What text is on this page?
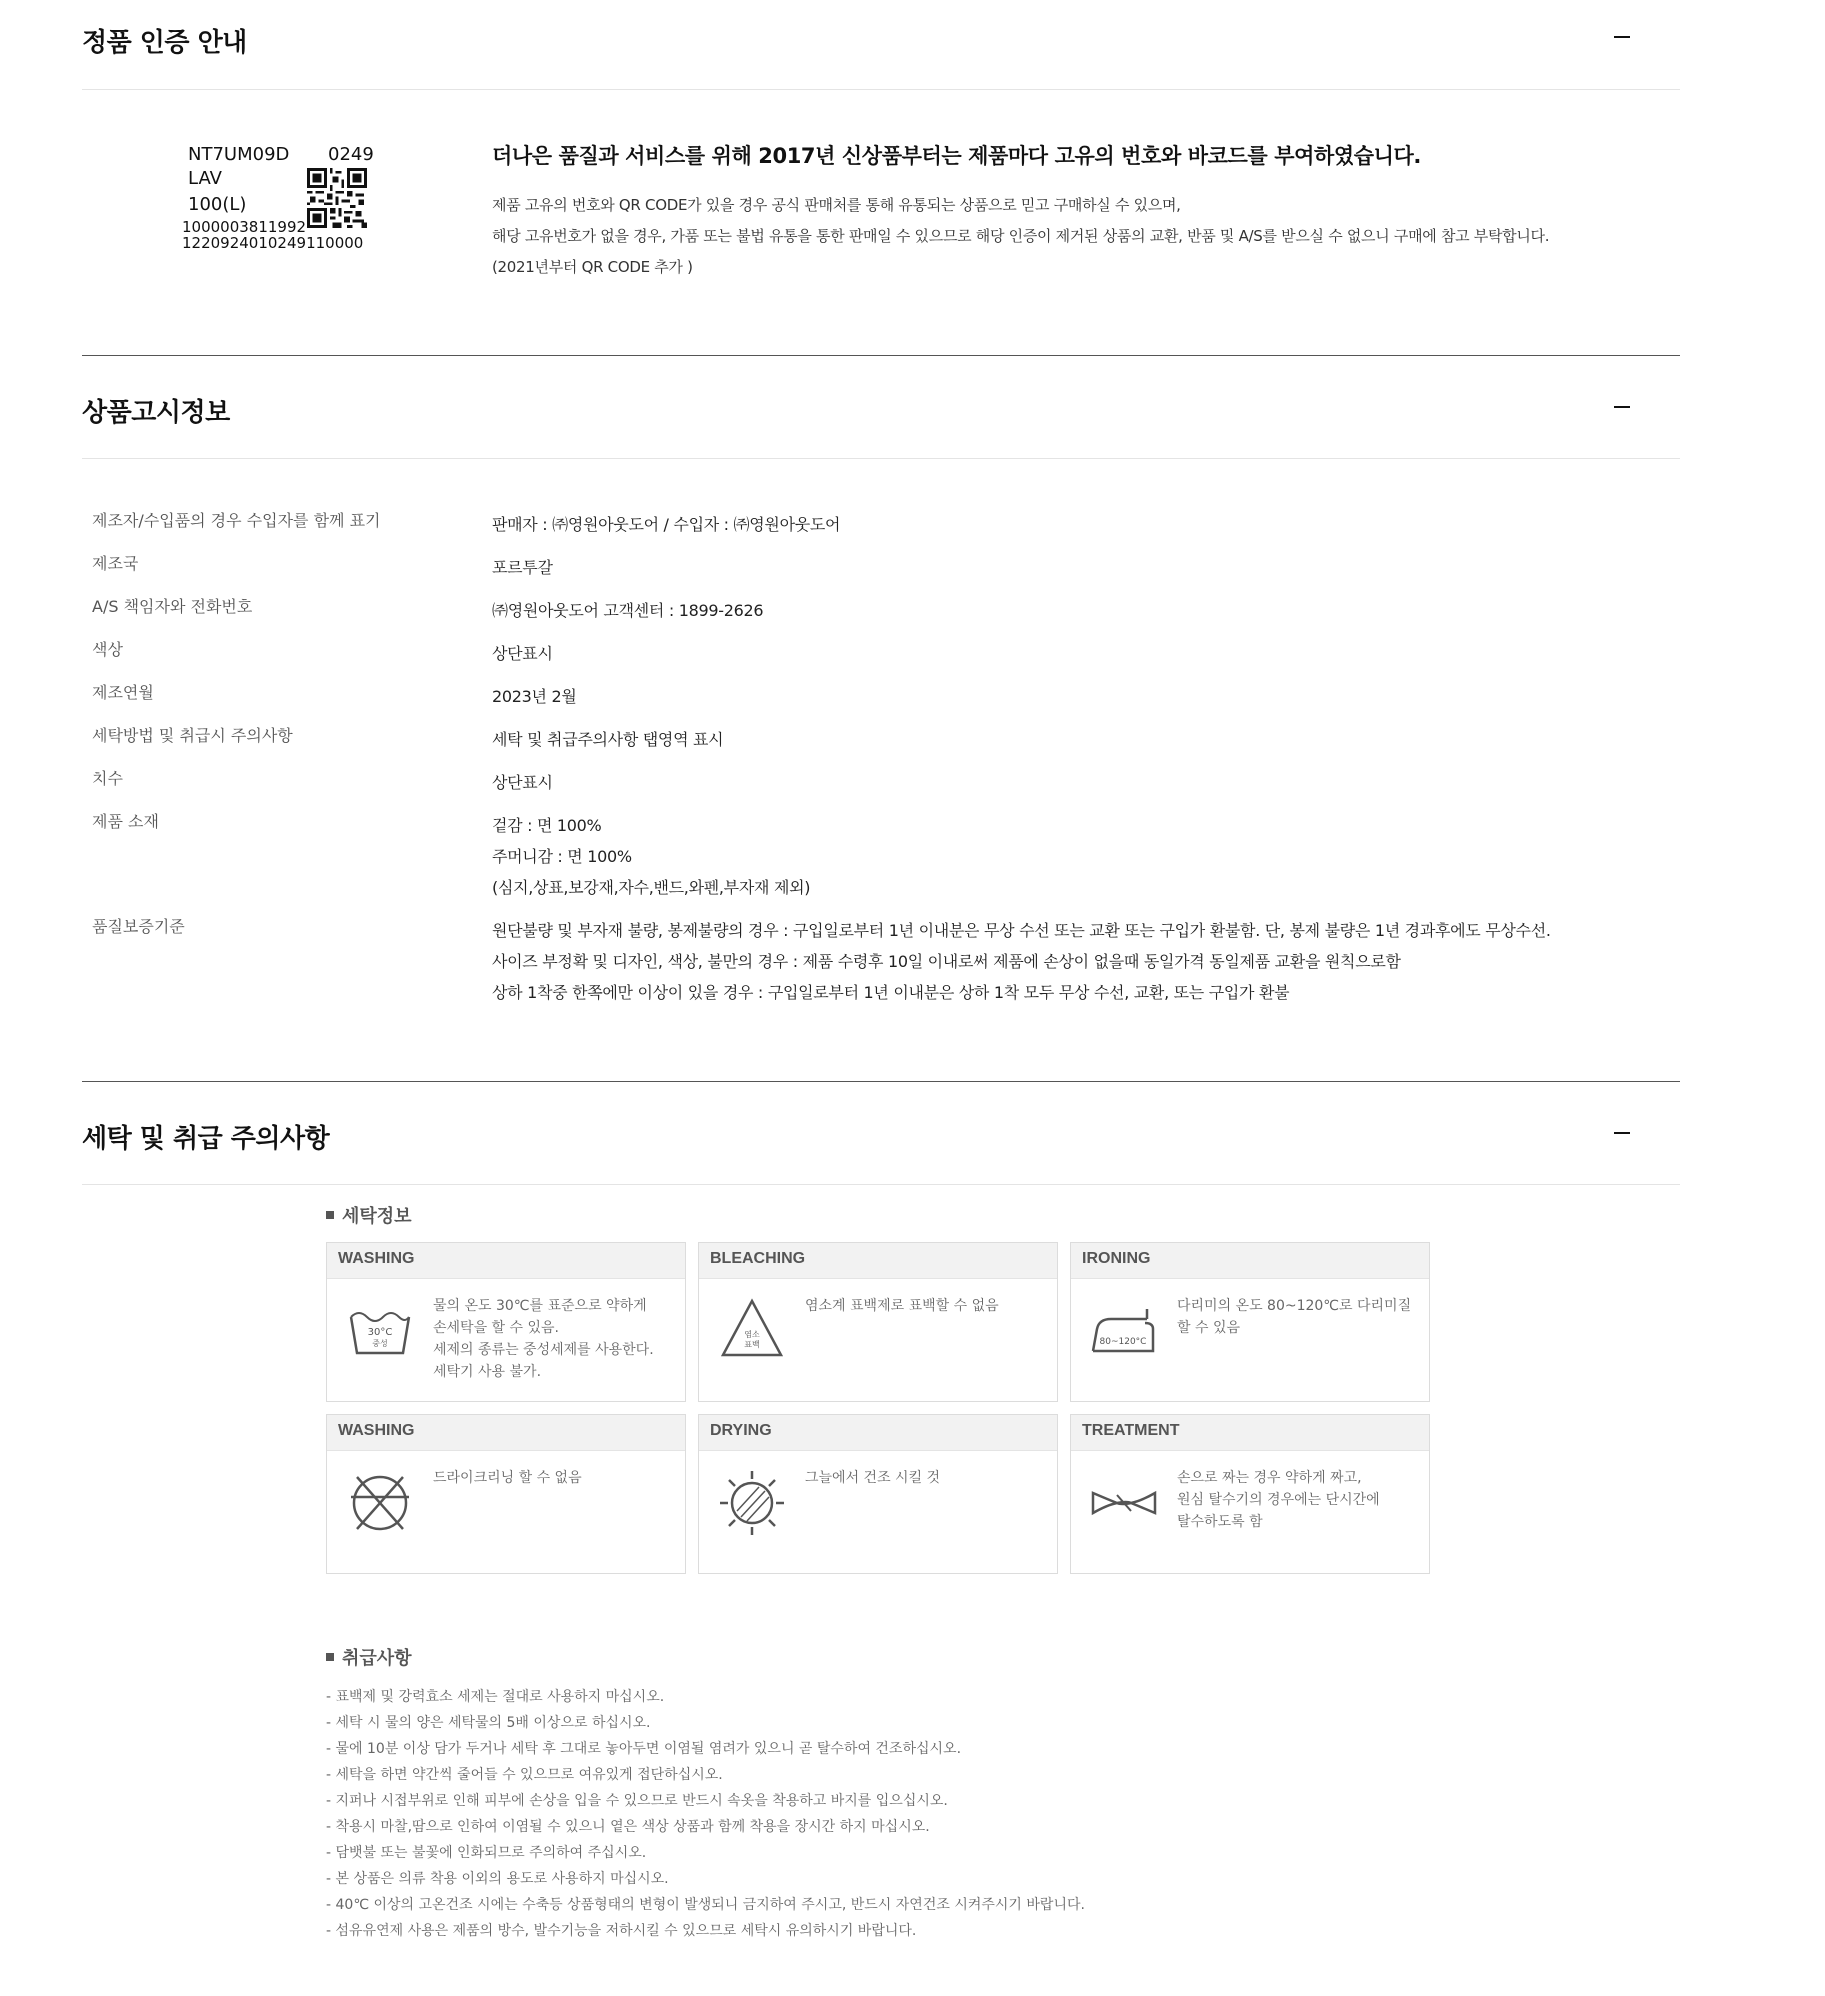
정품 인증 안내
NT7UM09D 0249
LAV
100(L)
1000003811992
1220924010249110000
더나은 품질과 서비스를 위해 2017년 신상품부터는 제품마다 고유의 번호와 바코드를 부여하였습니다.
제품 고유의 번호와 QR CODE가 있을 경우 공식 판매처를 통해 유통되는 상품으로 믿고 구매하실 수 있으며,
해당 고유번호가 없을 경우, 가품 또는 불법 유통을 통한 판매일 수 있으므로 해당 인증이 제거된 상품의 교환, 반품 및 A/S를 받으실 수 없으니 구매에 참고 부탁합니다.
(2021년부터 QR CODE 추가 )
상품고시정보
제조자/수입품의 경우 수입자를 함께 표기	판매자 : ㈜영원아웃도어 / 수입자 : ㈜영원아웃도어
제조국	포르투갈
A/S 책임자와 전화번호	㈜영원아웃도어 고객센터 : 1899-2626
색상	상단표시
제조연월	2023년 2월
세탁방법 및 취급시 주의사항	세탁 및 취급주의사항 탭영역 표시
치수	상단표시
제품 소재	겉감 : 면 100%
주머니감 : 면 100%
(심지,상표,보강재,자수,밴드,와펜,부자재 제외)
품질보증기준	원단불량 및 부자재 불량, 봉제불량의 경우 : 구입일로부터 1년 이내분은 무상 수선 또는 교환 또는 구입가 환불함. 단, 봉제 불량은 1년 경과후에도 무상수선.
사이즈 부정확 및 디자인, 색상, 불만의 경우 : 제품 수령후 10일 이내로써 제품에 손상이 없을때 동일가격 동일제품 교환을 원칙으로함
상하 1착중 한쪽에만 이상이 있을 경우 : 구입일로부터 1년 이내분은 상하 1착 모두 무상 수선, 교환, 또는 구입가 환불
세탁 및 취급 주의사항
세탁정보
WASHING
30°C
중성
물의 온도 30℃를 표준으로 약하게
손세탁을 할 수 있음.
세제의 종류는 중성세제를 사용한다.
세탁기 사용 불가.
BLEACHING
염소
표백
염소계 표백제로 표백할 수 없음
IRONING
80~120°C
다리미의 온도 80~120℃로 다리미질
할 수 있음
WASHING
드라이크리닝 할 수 없음
DRYING
그늘에서 건조 시킬 것
TREATMENT
손으로 짜는 경우 약하게 짜고,
원심 탈수기의 경우에는 단시간에
탈수하도록 함
취급사항
- 표백제 및 강력효소 세제는 절대로 사용하지 마십시오.
- 세탁 시 물의 양은 세탁물의 5배 이상으로 하십시오.
- 물에 10분 이상 담가 두거나 세탁 후 그대로 놓아두면 이염될 염려가 있으니 곧 탈수하여 건조하십시오.
- 세탁을 하면 약간씩 줄어들 수 있으므로 여유있게 접단하십시오.
- 지퍼나 시접부위로 인해 피부에 손상을 입을 수 있으므로 반드시 속옷을 착용하고 바지를 입으십시오.
- 착용시 마찰,땀으로 인하여 이염될 수 있으니 옅은 색상 상품과 함께 착용을 장시간 하지 마십시오.
- 담뱃불 또는 불꽃에 인화되므로 주의하여 주십시오.
- 본 상품은 의류 착용 이외의 용도로 사용하지 마십시오.
- 40℃ 이상의 고온건조 시에는 수축등 상품형태의 변형이 발생되니 금지하여 주시고, 반드시 자연건조 시켜주시기 바랍니다.
- 섬유유연제 사용은 제품의 방수, 발수기능을 저하시킬 수 있으므로 세탁시 유의하시기 바랍니다.
